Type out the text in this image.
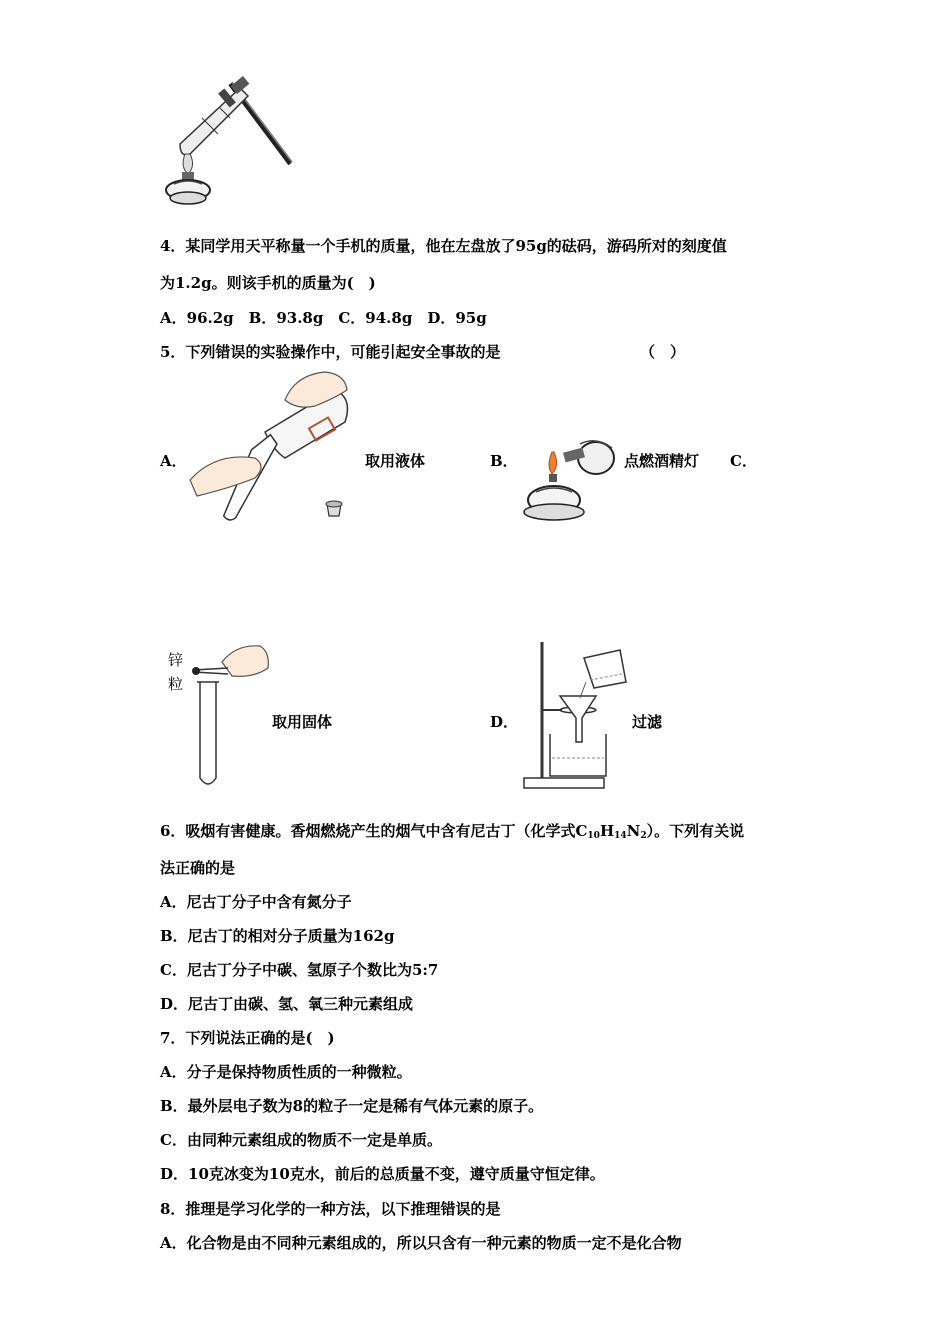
4．某同学用天平称量一个手机的质量，他在左盘放了95g的砝码，游码所对的刻度值
为1.2g。则该手机的质量为(　)
A．96.2g　B．93.8g　C．94.8g　D．95g
5．下列错误的实验操作中，可能引起安全事故的是	（　）
A．	取用液体	B．	点燃酒精灯 C．
锌
粒
取用固体	D．	过滤
6．吸烟有害健康。香烟燃烧产生的烟气中含有尼古丁（化学式$C_{10}H_{14}N_2$）。下列有关说
法正确的是
A．尼古丁分子中含有氮分子
B．尼古丁的相对分子质量为162g
C．尼古丁分子中碳、氢原子个数比为5:7
D．尼古丁由碳、氢、氧三种元素组成
7．下列说法正确的是(　)
A．分子是保持物质性质的一种微粒。
B．最外层电子数为8的粒子一定是稀有气体元素的原子。
C．由同种元素组成的物质不一定是单质。
D．10克冰变为10克水，前后的总质量不变，遵守质量守恒定律。
8．推理是学习化学的一种方法，以下推理错误的是
A．化合物是由不同种元素组成的，所以只含有一种元素的物质一定不是化合物
